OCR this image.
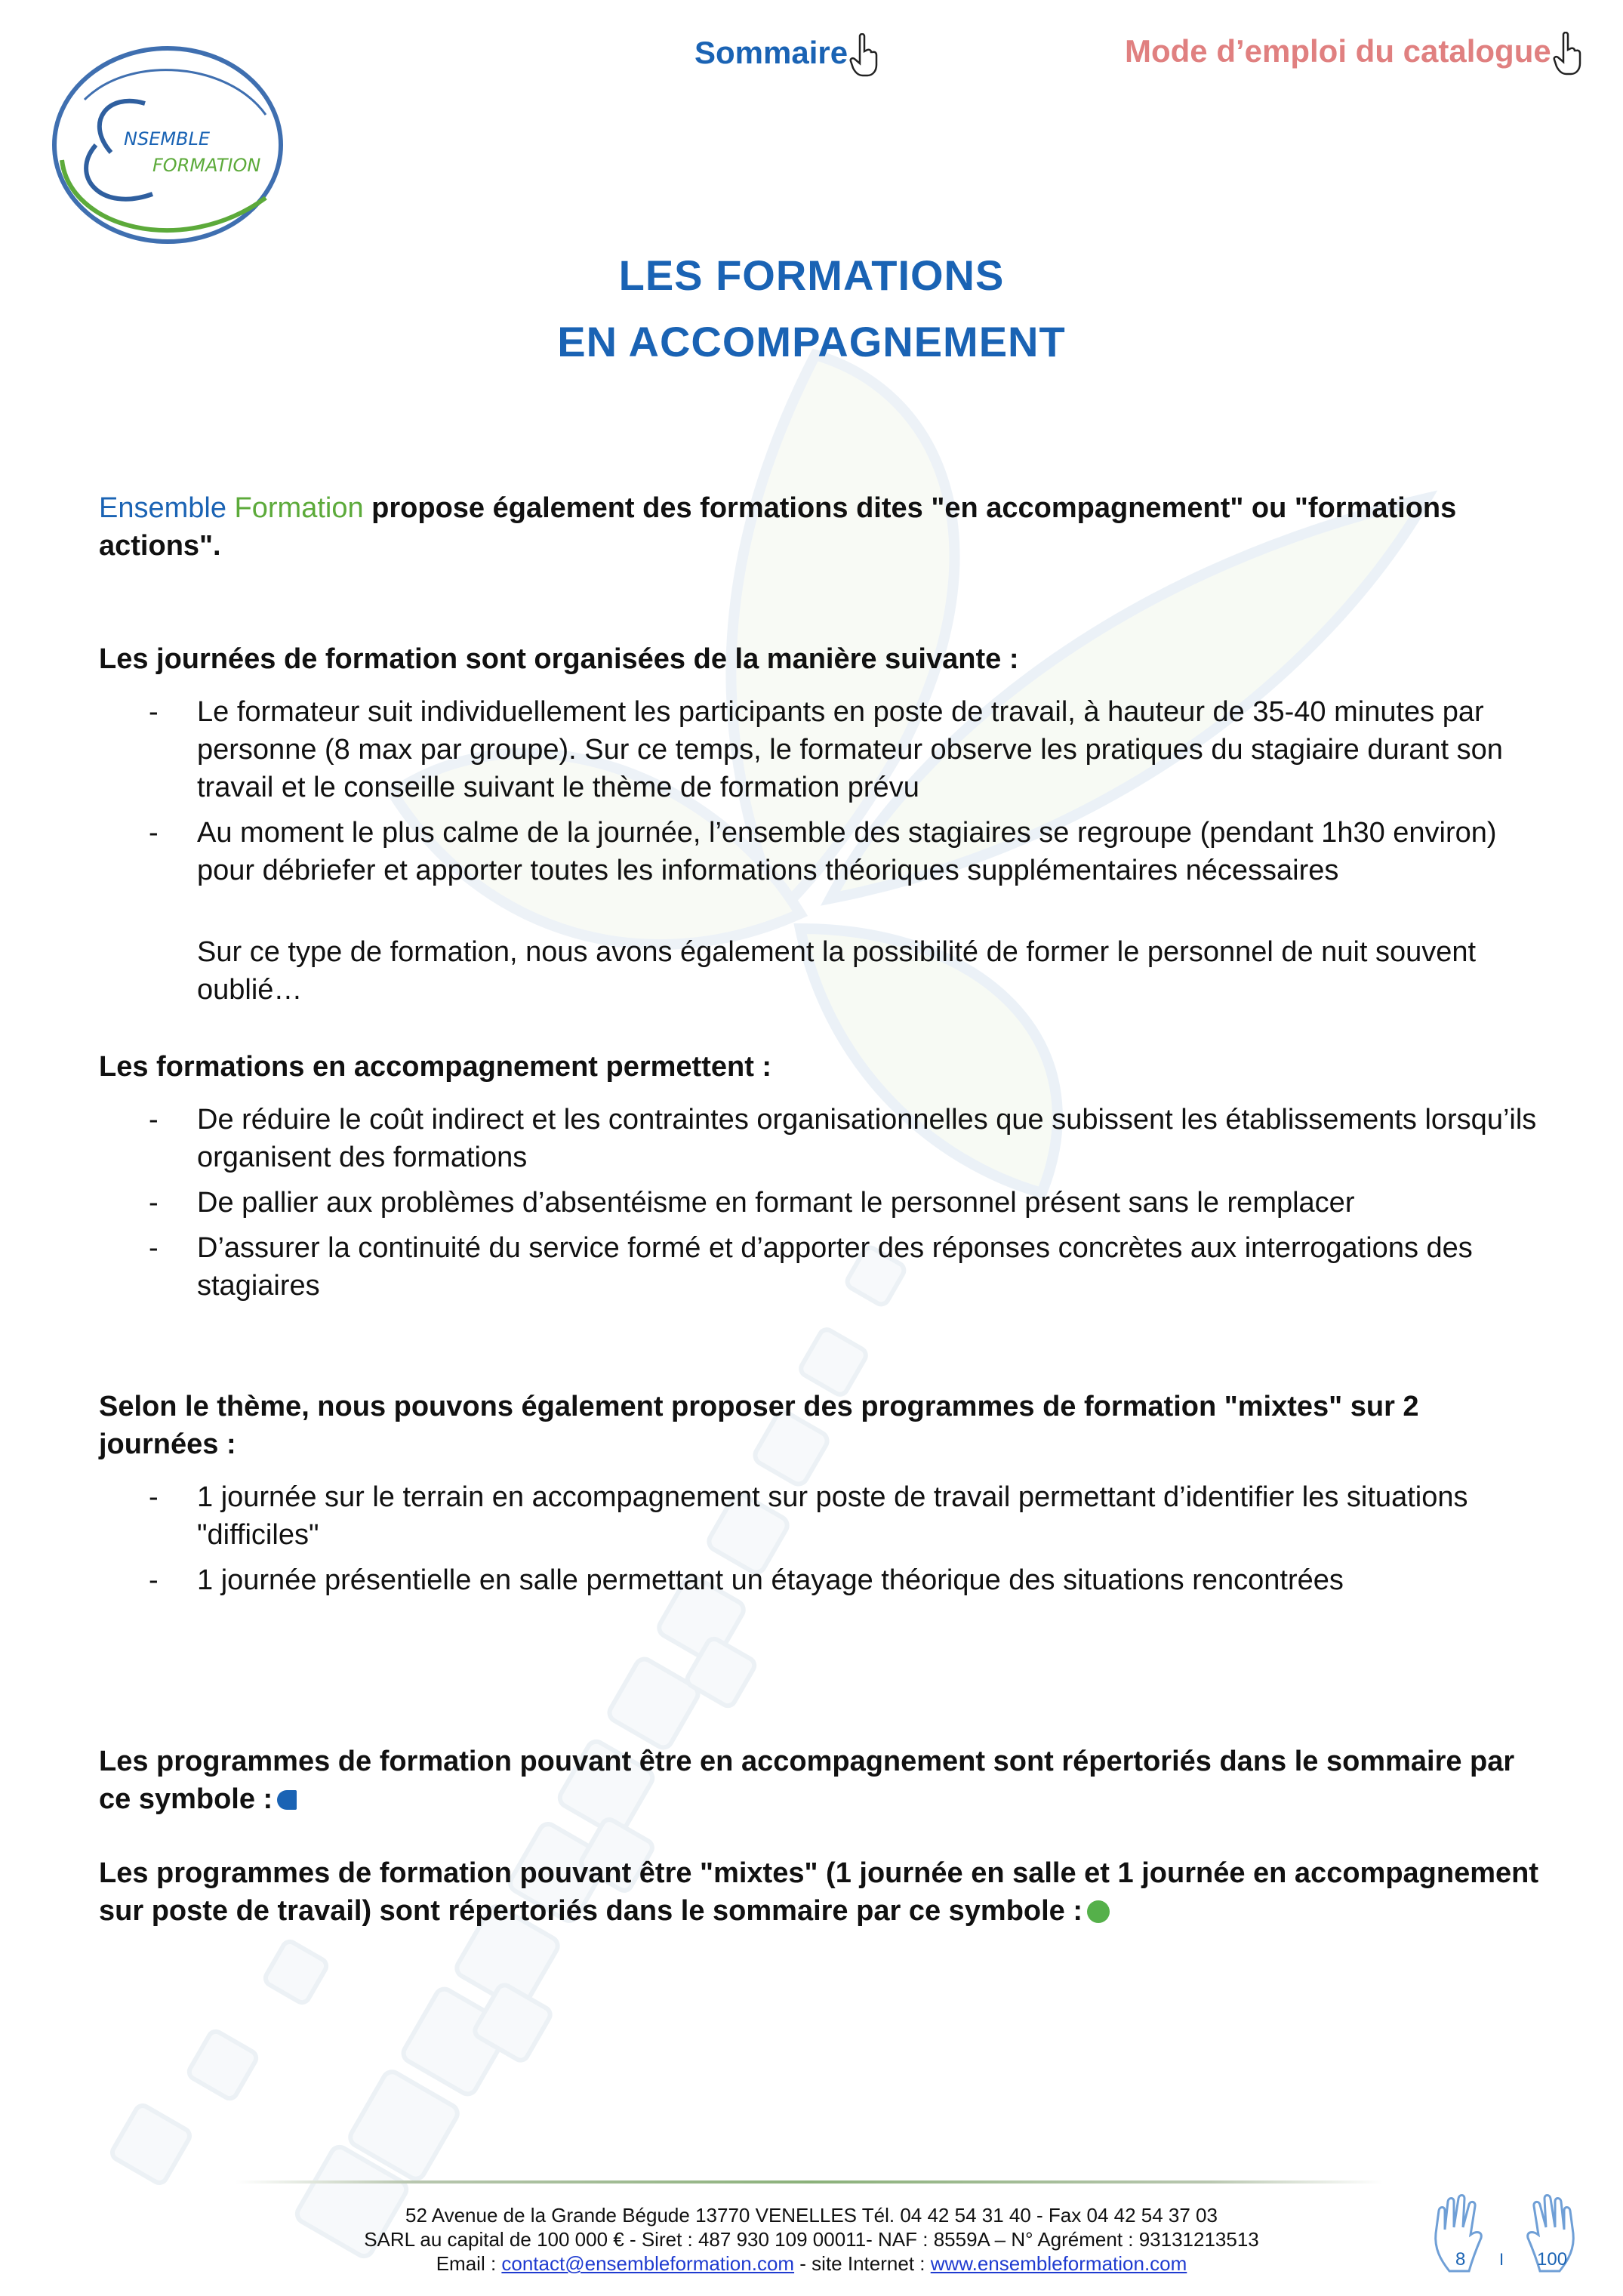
NSEMBLE
FORMATION
Sommaire	Mode d’emploi du catalogue
LES FORMATIONS
EN ACCOMPAGNEMENT
Ensemble Formation propose également des formations dites "en accompagnement" ou "formations actions".
Les journées de formation sont organisées de la manière suivante :
- Le formateur suit individuellement les participants en poste de travail, à hauteur de 35-40 minutes par personne (8 max par groupe). Sur ce temps, le formateur observe les pratiques du stagiaire durant son travail et le conseille suivant le thème de formation prévu
- Au moment le plus calme de la journée, l’ensemble des stagiaires se regroupe (pendant 1h30 environ) pour débriefer et apporter toutes les informations théoriques supplémentaires nécessaires
Sur ce type de formation, nous avons également la possibilité de former le personnel de nuit souvent oublié…
Les formations en accompagnement permettent :
- De réduire le coût indirect et les contraintes organisationnelles que subissent les établissements lorsqu’ils organisent des formations
- De pallier aux problèmes d’absentéisme en formant le personnel présent sans le remplacer
- D’assurer la continuité du service formé et d’apporter des réponses concrètes aux interrogations des stagiaires
Selon le thème, nous pouvons également proposer des programmes de formation "mixtes" sur 2 journées :
- 1 journée sur le terrain en accompagnement sur poste de travail permettant d’identifier les situations "difficiles"
- 1 journée présentielle en salle permettant un étayage théorique des situations rencontrées
Les programmes de formation pouvant être en accompagnement sont répertoriés dans le sommaire par ce symbole :
Les programmes de formation pouvant être "mixtes" (1 journée en salle et 1 journée en accompagnement sur poste de travail) sont répertoriés dans le sommaire par ce symbole :
52 Avenue de la Grande Bégude 13770 VENELLES Tél. 04 42 54 31 40 - Fax 04 42 54 37 03
SARL au capital de 100 000 € - Siret : 487 930 109 00011- NAF : 8559A – N° Agrément : 93131213513
Email : contact@ensembleformation.com - site Internet : www.ensembleformation.com	8 I 100
